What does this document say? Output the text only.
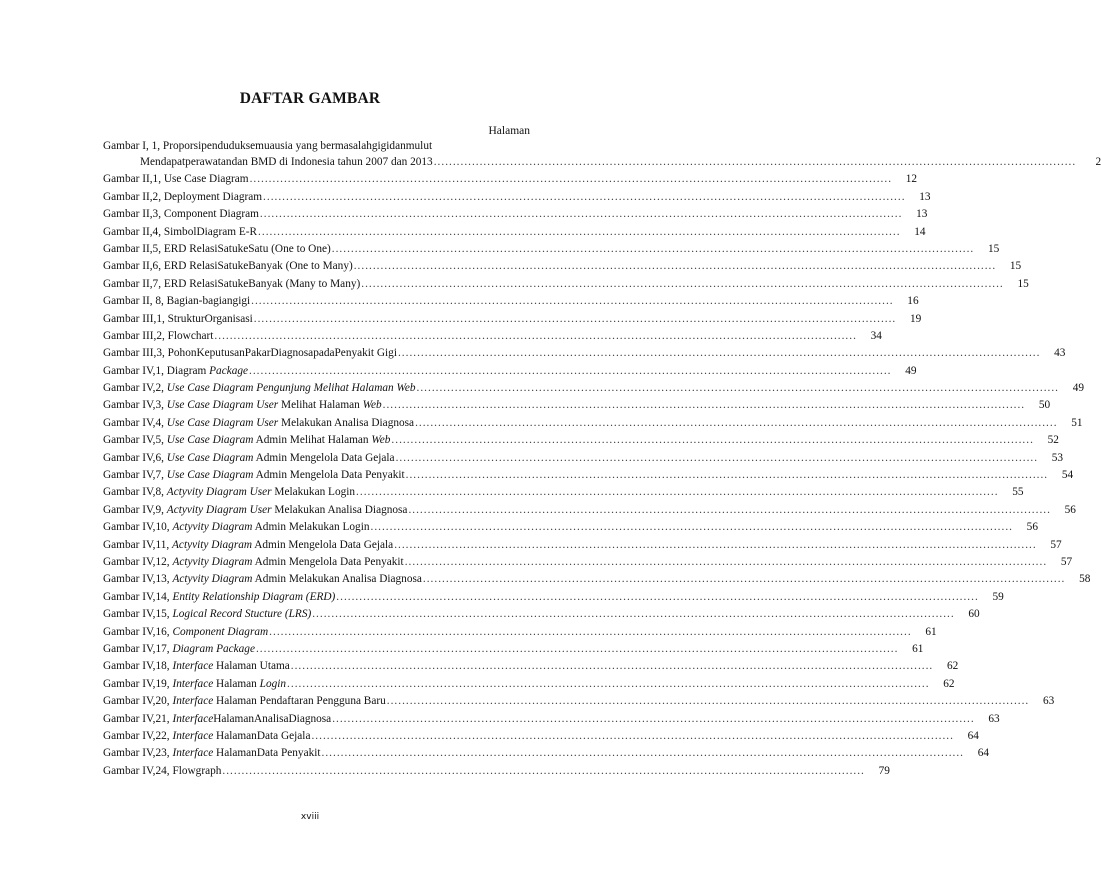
DAFTAR GAMBAR
Halaman
Gambar I, 1, Proporsipenduduksemuausia yang bermasalahgigidanmulut
Mendapatperawatandan BMD di Indonesia tahun 2007 dan 2013 .....	2
Gambar II,1, Use Case Diagram .....	12
Gambar II,2, Deployment Diagram .....	13
Gambar II,3, Component Diagram .....	13
Gambar II,4, SimbolDiagram E-R .....	14
Gambar II,5, ERD RelasiSatukeSatu (One to One) .....	15
Gambar II,6, ERD RelasiSatukeBanyak (One to Many) .....	15
Gambar II,7, ERD RelasiSatukeBanyak (Many to Many) .....	15
Gambar II, 8, Bagian-bagiangigi .....	16
Gambar III,1, StrukturOrganisasi .....	19
Gambar III,2, Flowchart .....	34
Gambar III,3, PohonKeputusanPakarDiagnosapadaPenyakit Gigi .....	43
Gambar IV,1, Diagram Package .....	49
Gambar IV,2, Use Case Diagram Pengunjung Melihat Halaman Web .....	49
Gambar IV,3, Use Case Diagram User Melihat Halaman Web .....	50
Gambar IV,4, Use Case Diagram User Melakukan Analisa Diagnosa .....	51
Gambar IV,5, Use Case Diagram Admin Melihat Halaman Web .....	52
Gambar IV,6, Use Case Diagram Admin Mengelola Data Gejala .....	53
Gambar IV,7, Use Case Diagram Admin Mengelola Data Penyakit .....	54
Gambar IV,8, Actyvity Diagram User Melakukan Login .....	55
Gambar IV,9, Actyvity Diagram User Melakukan Analisa Diagnosa .....	56
Gambar IV,10, Actyvity Diagram Admin Melakukan Login .....	56
Gambar IV,11, Actyvity Diagram Admin Mengelola Data Gejala .....	57
Gambar IV,12, Actyvity Diagram Admin Mengelola Data Penyakit .....	57
Gambar IV,13, Actyvity Diagram Admin Melakukan Analisa Diagnosa .....	58
Gambar IV,14, Entity Relationship Diagram (ERD) .....	59
Gambar IV,15, Logical Record Stucture (LRS) .....	60
Gambar IV,16, Component Diagram .....	61
Gambar IV,17, Diagram Package .....	61
Gambar IV,18, Interface Halaman Utama .....	62
Gambar IV,19, Interface Halaman Login .....	62
Gambar IV,20, Interface Halaman Pendaftaran Pengguna Baru .....	63
Gambar IV,21, InterfaceHalamanAnalisaDiagnosa .....	63
Gambar IV,22, Interface HalamanData Gejala .....	64
Gambar IV,23, Interface HalamanData Penyakit .....	64
Gambar IV,24, Flowgraph .....	79
xviii
